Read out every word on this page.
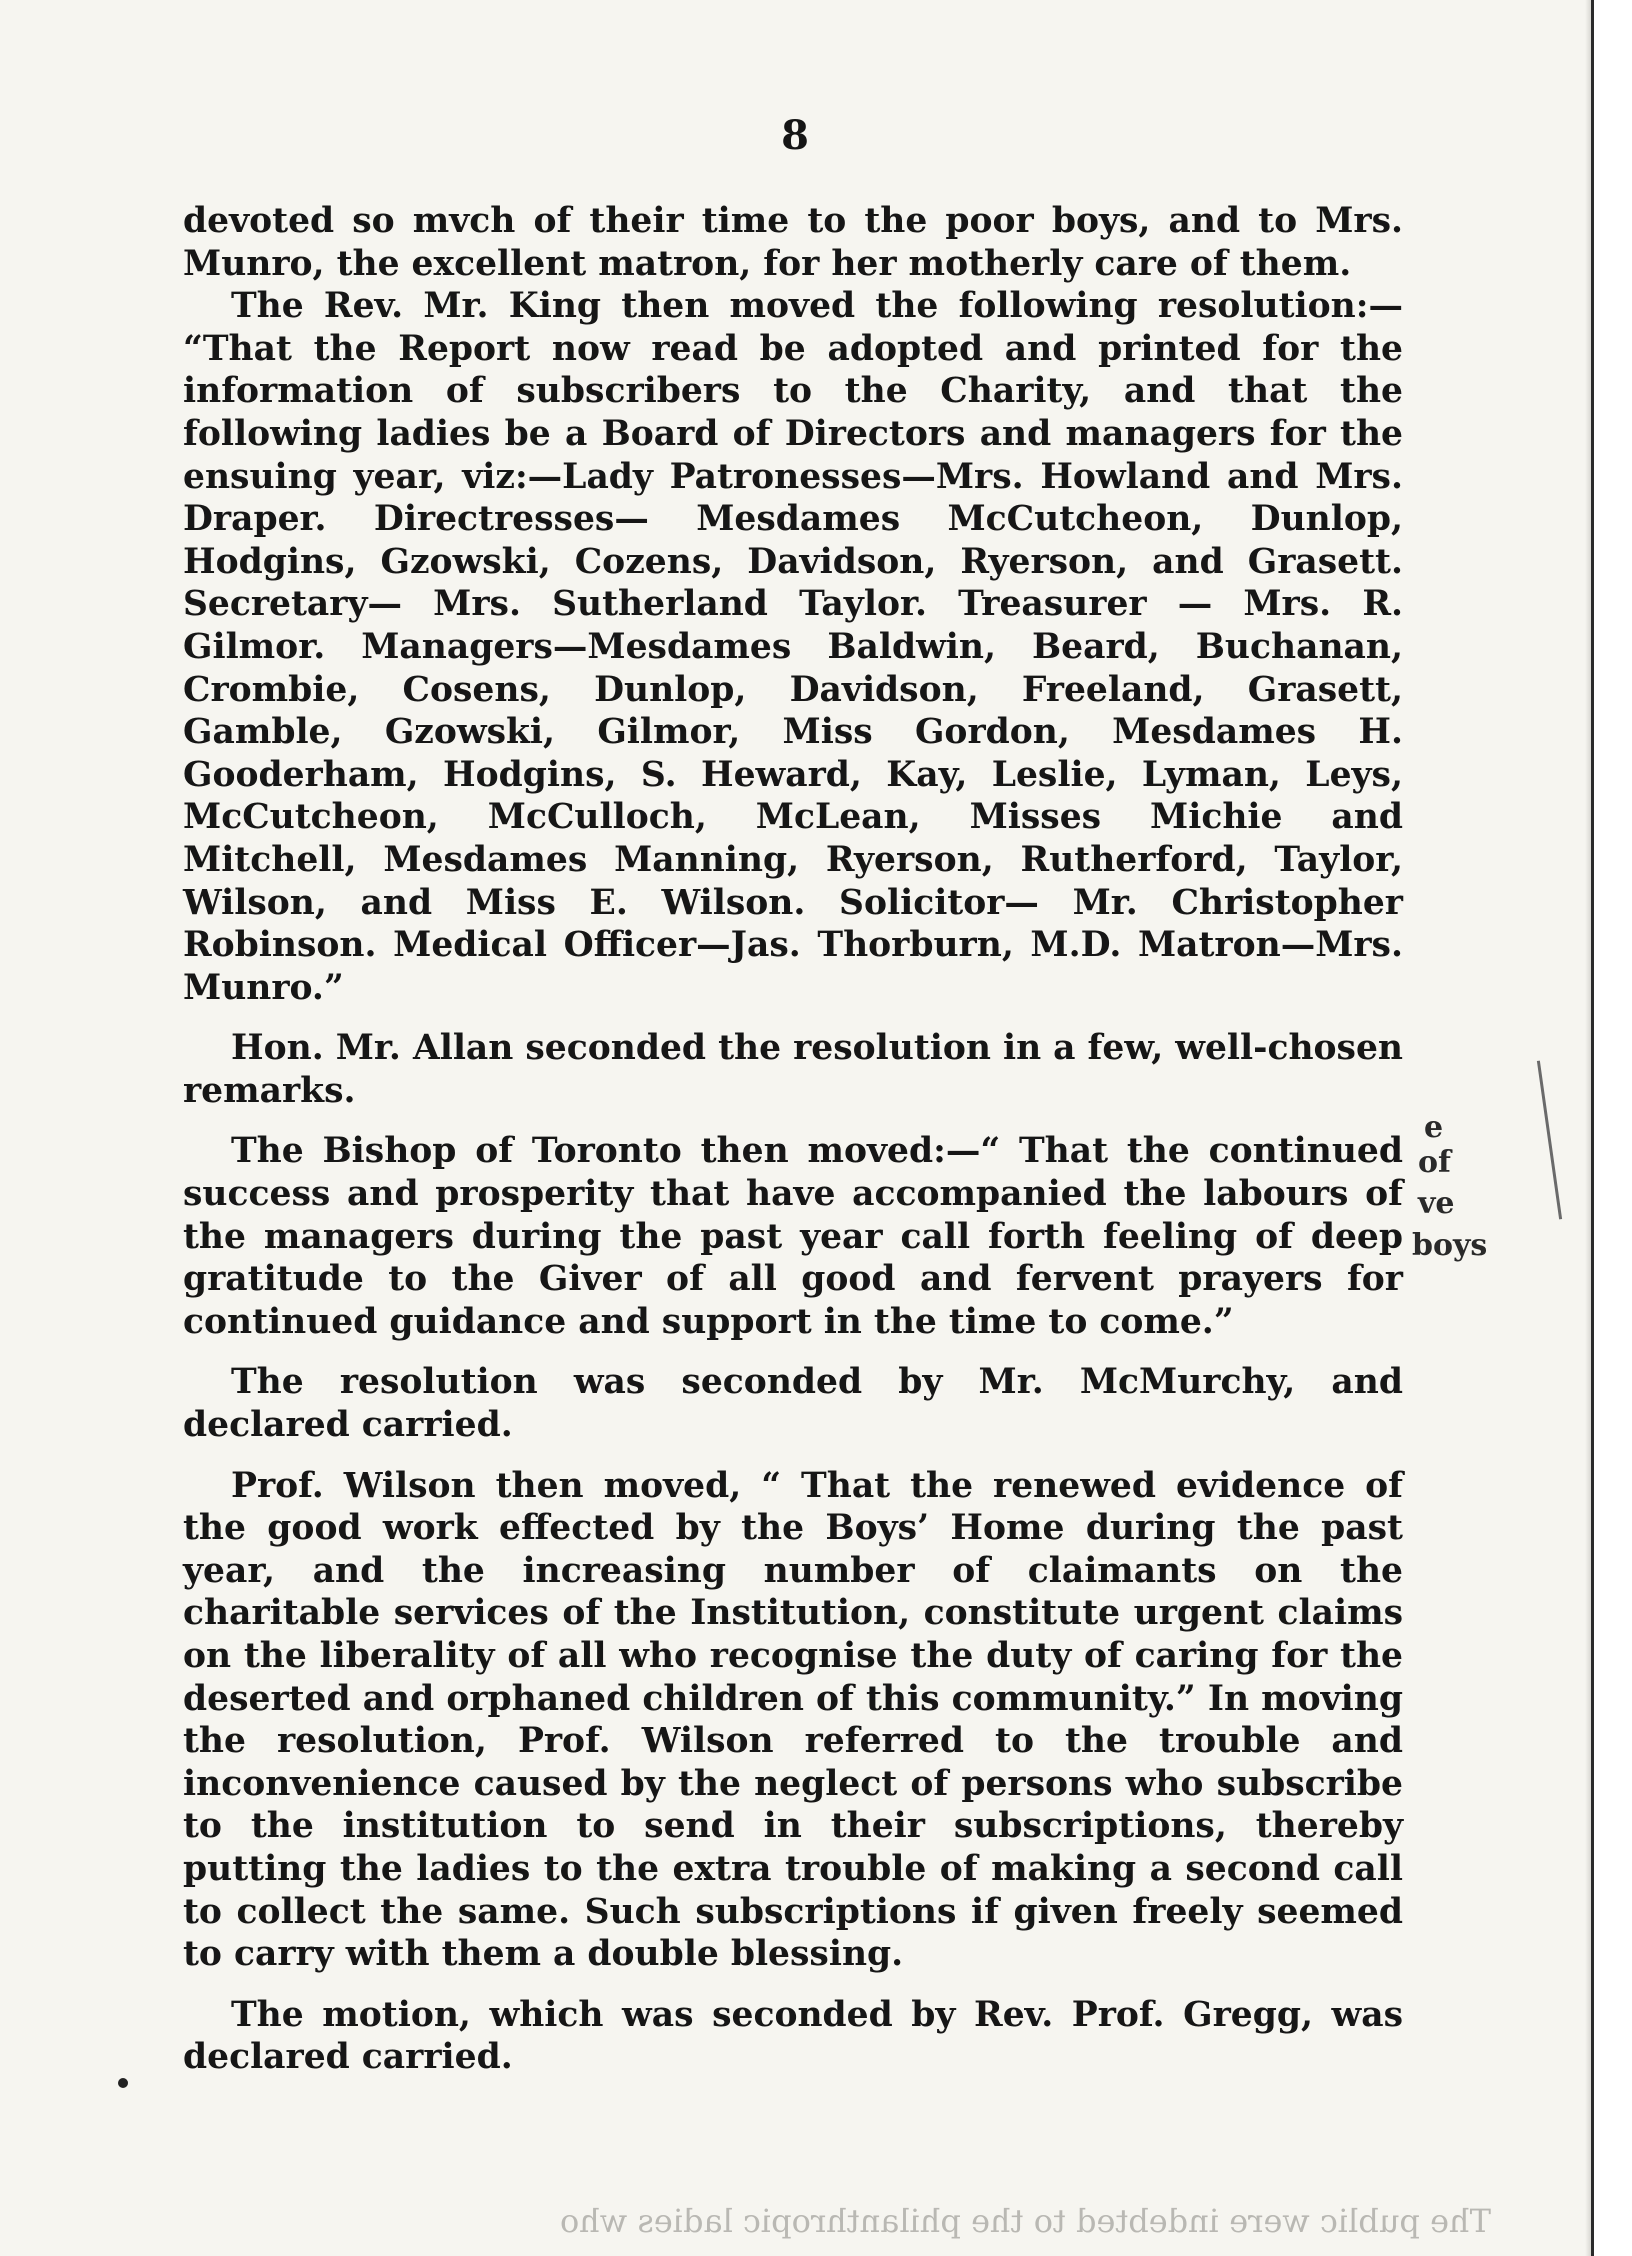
8

devoted so mvch of their time to the poor boys, and to Mrs. Munro, the excellent matron, for her motherly care of them.

The Rev. Mr. King then moved the following resolution:— “That the Report now read be adopted and printed for the information of subscribers to the Charity, and that the following ladies be a Board of Directors and managers for the ensuing year, viz:—Lady Patronesses—Mrs. Howland and Mrs. Draper. Directresses— Mesdames McCutcheon, Dunlop, Hodgins, Gzowski, Cozens, Davidson, Ryerson, and Grasett. Secretary— Mrs. Sutherland Taylor. Treasurer — Mrs. R. Gilmor. Managers—Mesdames Baldwin, Beard, Buchanan, Crombie, Cosens, Dunlop, Davidson, Freeland, Grasett, Gamble, Gzowski, Gilmor, Miss Gordon, Mesdames H. Gooderham, Hodgins, S. Heward, Kay, Leslie, Lyman, Leys, McCutcheon, McCulloch, McLean, Misses Michie and Mitchell, Mesdames Manning, Ryerson, Rutherford, Taylor, Wilson, and Miss E. Wilson. Solicitor— Mr. Christopher Robinson. Medical Officer—Jas. Thorburn, M.D. Matron—Mrs. Munro.”

Hon. Mr. Allan seconded the resolution in a few, well-chosen remarks.

The Bishop of Toronto then moved:—“ That the continued success and prosperity that have accompanied the labours of the managers during the past year call forth feeling of deep gratitude to the Giver of all good and fervent prayers for continued guidance and support in the time to come.”

The resolution was seconded by Mr. McMurchy, and declared carried.

Prof. Wilson then moved, “ That the renewed evidence of the good work effected by the Boys’ Home during the past year, and the increasing number of claimants on the charitable services of the Institution, constitute urgent claims on the liberality of all who recognise the duty of caring for the deserted and orphaned children of this community.” In moving the resolution, Prof. Wilson referred to the trouble and inconvenience caused by the neglect of persons who subscribe to the institution to send in their subscriptions, thereby putting the ladies to the extra trouble of making a second call to collect the same. Such subscriptions if given freely seemed to carry with them a double blessing.

The motion, which was seconded by Rev. Prof. Gregg, was declared carried.

e
of
ve
boys
The public were indebted to the philanthropic ladies who
